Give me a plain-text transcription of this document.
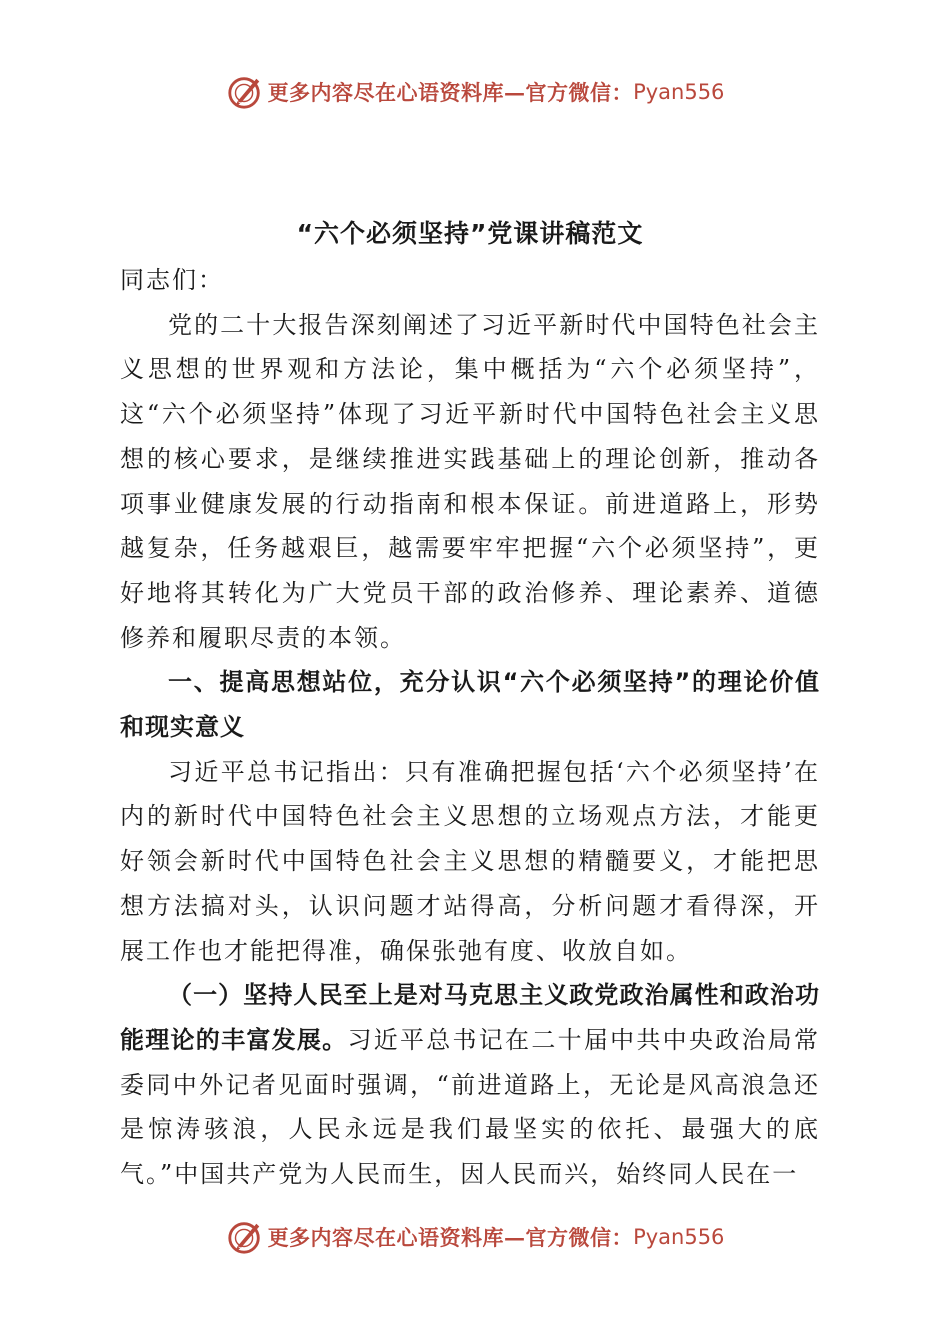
更多内容尽在心语资料库—官方微信： Pyan556
“六个必须坚持”党课讲稿范文

同志们：

党的二十大报告深刻阐述了习近平新时代中国特色社会主义思想的世界观和方法论，集中概括为“六个必须坚持”，这“六个必须坚持”体现了习近平新时代中国特色社会主义思想的核心要求，是继续推进实践基础上的理论创新，推动各项事业健康发展的行动指南和根本保证。前进道路上，形势越复杂，任务越艰巨，越需要牢牢把握“六个必须坚持”，更好地将其转化为广大党员干部的政治修养、理论素养、道德修养和履职尽责的本领。

一、提高思想站位，充分认识“六个必须坚持”的理论价值和现实意义

习近平总书记指出：只有准确把握包括‘六个必须坚持’在内的新时代中国特色社会主义思想的立场观点方法，才能更好领会新时代中国特色社会主义思想的精髓要义，才能把思想方法搞对头，认识问题才站得高，分析问题才看得深，开展工作也才能把得准，确保张弛有度、收放自如。

（一）坚持人民至上是对马克思主义政党政治属性和政治功能理论的丰富发展。习近平总书记在二十届中共中央政治局常委同中外记者见面时强调，“前进道路上，无论是风高浪急还是惊涛骇浪，人民永远是我们最坚实的依托、最强大的底气。”中国共产党为人民而生，因人民而兴，始终同人民在一

更多内容尽在心语资料库—官方微信： Pyan556
